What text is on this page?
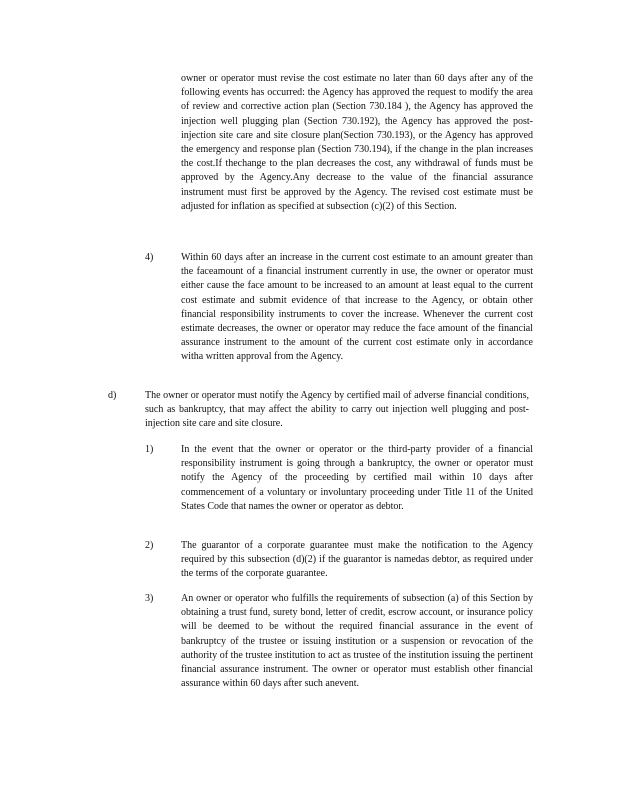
owner or operator must revise the cost estimate no later than 60 days after any of the following events has occurred: the Agency has approved the request to modify the area of review and corrective action plan (Section 730.184 ), the Agency has approved the injection well plugging plan (Section 730.192), the Agency has approved the post-injection site care and site closure plan(Section 730.193), or the Agency has approved the emergency and response plan (Section 730.194), if the change in the plan increases the cost.If thechange to the plan decreases the cost, any withdrawal of funds must be approved by the Agency.Any decrease to the value of the financial assurance instrument must first be approved by the Agency. The revised cost estimate must be adjusted for inflation as specified at subsection (c)(2) of this Section.
4)	Within 60 days after an increase in the current cost estimate to an amount greater than the faceamount of a financial instrument currently in use, the owner or operator must either cause the face amount to be increased to an amount at least equal to the current cost estimate and submit evidence of that increase to the Agency, or obtain other financial responsibility instruments to cover the increase. Whenever the current cost estimate decreases, the owner or operator may reduce the face amount of the financial assurance instrument to the amount of the current cost estimate only in accordance witha written approval from the Agency.
d)	The owner or operator must notify the Agency by certified mail of adverse financial conditions, such as bankruptcy, that may affect the ability to carry out injection well plugging and post-injection site care and site closure.
1)	In the event that the owner or operator or the third-party provider of a financial responsibility instrument is going through a bankruptcy, the owner or operator must notify the Agency of the proceeding by certified mail within 10 days after commencement of a voluntary or involuntary proceeding under Title 11 of the United States Code that names the owner or operator as debtor.
2)	The guarantor of a corporate guarantee must make the notification to the Agency required by this subsection (d)(2) if the guarantor is namedas debtor, as required under the terms of the corporate guarantee.
3)	An owner or operator who fulfills the requirements of subsection (a) of this Section by obtaining a trust fund, surety bond, letter of credit, escrow account, or insurance policy will be deemed to be without the required financial assurance in the event of bankruptcy of the trustee or issuing institution or a suspension or revocation of the authority of the trustee institution to act as trustee of the institution issuing the pertinent financial assurance instrument. The owner or operator must establish other financial assurance within 60 days after such anevent.
